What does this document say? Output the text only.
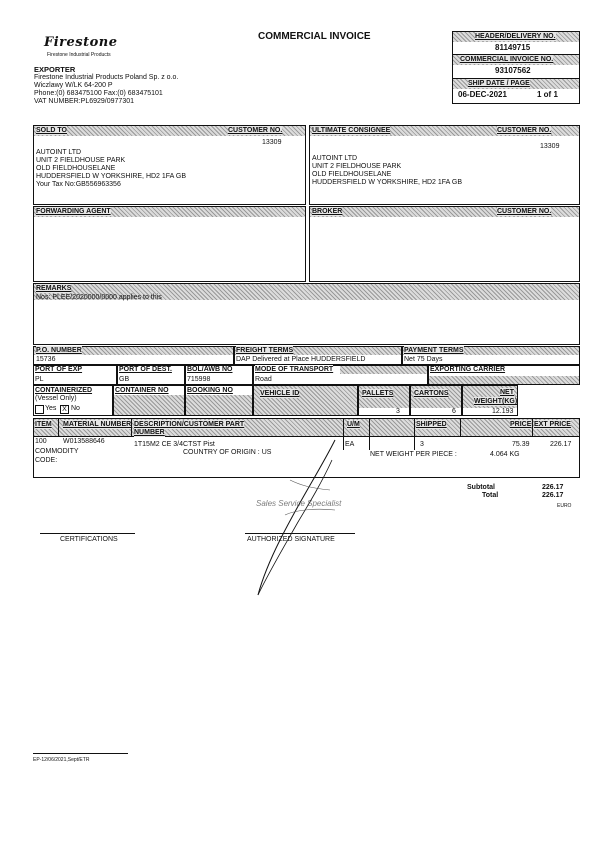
Firestone
Firestone Industrial Products
COMMERCIAL INVOICE	HEADER/DELIVERY NO.
81149715
COMMERCIAL INVOICE NO.
93107562
SHIP DATE / PAGE
06-DEC-2021	1 of 1
EXPORTER
Firestone Industrial Products Poland Sp. z o.o.
Wiczlawy W/LK 64-200 P
Phone:(0) 683475100 Fax:(0) 683475101
VAT NUMBER:PL6929/0977301
SOLD TO	CUSTOMER NO.
13309
AUTOINT LTD
UNIT 2 FIELDHOUSE PARK
OLD FIELDHOUSELANE
HUDDERSFIELD W YORKSHIRE, HD2 1FA GB
Your Tax No:GB556963356
ULTIMATE CONSIGNEE	CUSTOMER NO.
13309
AUTOINT LTD
UNIT 2 FIELDHOUSE PARK
OLD FIELDHOUSELANE
HUDDERSFIELD W YORKSHIRE, HD2 1FA GB
FORWARDING AGENT	BROKER	CUSTOMER NO.
REMARKS
Nos: PLEE/2020000/0000 applies to this
P.O. NUMBER
15736
FREIGHT TERMS
DAP Delivered at Place HUDDERSFIELD
PAYMENT TERMS
Net 75 Days
PORT OF EXP
PL
PORT OF DEST.
GB
BOL/AWB NO
715998
MODE OF TRANSPORT
Road
EXPORTING CARRIER
CONTAINERIZED
(Vessel Only)
Yes X No
CONTAINER NO	BOOKING NO	VEHICLE ID	PALLETS
3
CARTONS
6
NET
WEIGHT(KG)
12.193
ITEM MATERIAL NUMBER DESCRIPTION/CUSTOMER PART
NUMBER
U/M	SHIPPED	PRICE EXT PRICE
100 W013588646	1T15M2 CE 3/4CTST Pist	EA	3	75.39	226.17
COMMODITY
CODE:
COUNTRY OF ORIGIN : US	NET WEIGHT PER PIECE :	4.064 KG
Subtotal	226.17
Total	226.17
EURO
Sales Service Specialist
CERTIFICATIONS	AUTHORIZED SIGNATURE
EP-12/06/2021,Sept/ETR
